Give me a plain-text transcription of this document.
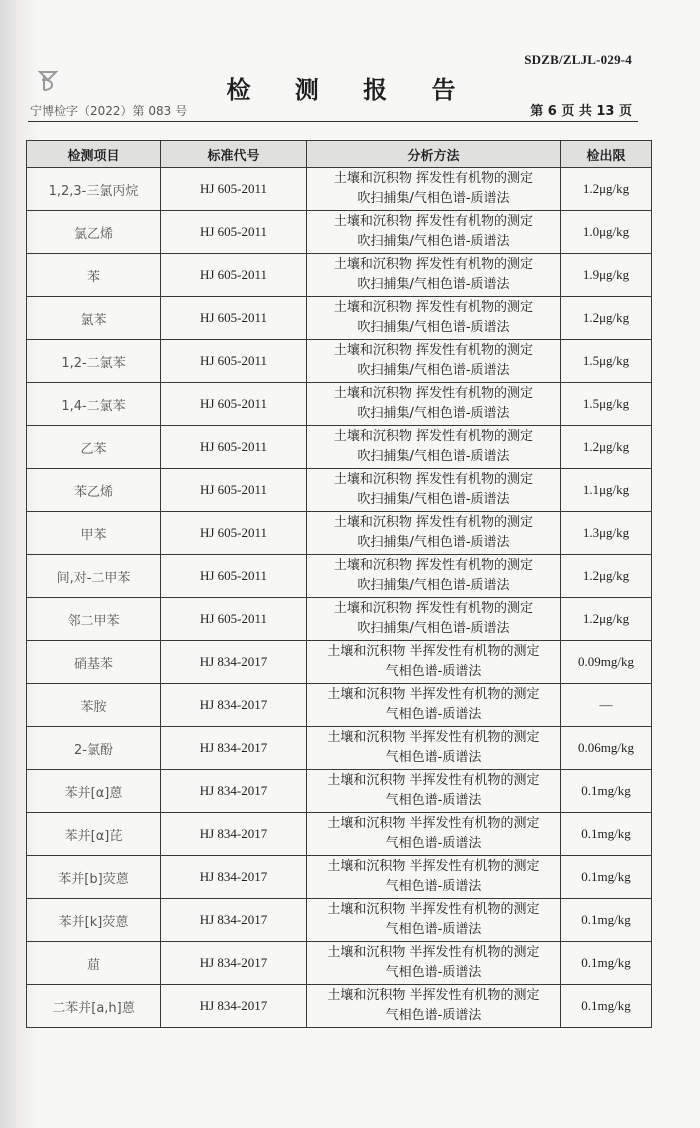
SDZB/ZLJL-029-4
检 测 报 告
宁博检字（2022）第 083 号	第 6 页 共 13 页
检测项目	标准代号	分析方法	检出限
1,2,3-三氯丙烷	HJ 605-2011	土壤和沉积物 挥发性有机物的测定
吹扫捕集/气相色谱-质谱法	1.2μg/kg
氯乙烯	HJ 605-2011	土壤和沉积物 挥发性有机物的测定
吹扫捕集/气相色谱-质谱法	1.0μg/kg
苯	HJ 605-2011	土壤和沉积物 挥发性有机物的测定
吹扫捕集/气相色谱-质谱法	1.9μg/kg
氯苯	HJ 605-2011	土壤和沉积物 挥发性有机物的测定
吹扫捕集/气相色谱-质谱法	1.2μg/kg
1,2-二氯苯	HJ 605-2011	土壤和沉积物 挥发性有机物的测定
吹扫捕集/气相色谱-质谱法	1.5μg/kg
1,4-二氯苯	HJ 605-2011	土壤和沉积物 挥发性有机物的测定
吹扫捕集/气相色谱-质谱法	1.5μg/kg
乙苯	HJ 605-2011	土壤和沉积物 挥发性有机物的测定
吹扫捕集/气相色谱-质谱法	1.2μg/kg
苯乙烯	HJ 605-2011	土壤和沉积物 挥发性有机物的测定
吹扫捕集/气相色谱-质谱法	1.1μg/kg
甲苯	HJ 605-2011	土壤和沉积物 挥发性有机物的测定
吹扫捕集/气相色谱-质谱法	1.3μg/kg
间,对-二甲苯	HJ 605-2011	土壤和沉积物 挥发性有机物的测定
吹扫捕集/气相色谱-质谱法	1.2μg/kg
邻二甲苯	HJ 605-2011	土壤和沉积物 挥发性有机物的测定
吹扫捕集/气相色谱-质谱法	1.2μg/kg
硝基苯	HJ 834-2017	土壤和沉积物 半挥发性有机物的测定
气相色谱-质谱法	0.09mg/kg
苯胺	HJ 834-2017	土壤和沉积物 半挥发性有机物的测定
气相色谱-质谱法	—
2-氯酚	HJ 834-2017	土壤和沉积物 半挥发性有机物的测定
气相色谱-质谱法	0.06mg/kg
苯并[α]蒽	HJ 834-2017	土壤和沉积物 半挥发性有机物的测定
气相色谱-质谱法	0.1mg/kg
苯并[α]芘	HJ 834-2017	土壤和沉积物 半挥发性有机物的测定
气相色谱-质谱法	0.1mg/kg
苯并[b]荧蒽	HJ 834-2017	土壤和沉积物 半挥发性有机物的测定
气相色谱-质谱法	0.1mg/kg
苯并[k]荧蒽	HJ 834-2017	土壤和沉积物 半挥发性有机物的测定
气相色谱-质谱法	0.1mg/kg
䓛	HJ 834-2017	土壤和沉积物 半挥发性有机物的测定
气相色谱-质谱法	0.1mg/kg
二苯并[a,h]蒽	HJ 834-2017	土壤和沉积物 半挥发性有机物的测定
气相色谱-质谱法	0.1mg/kg
